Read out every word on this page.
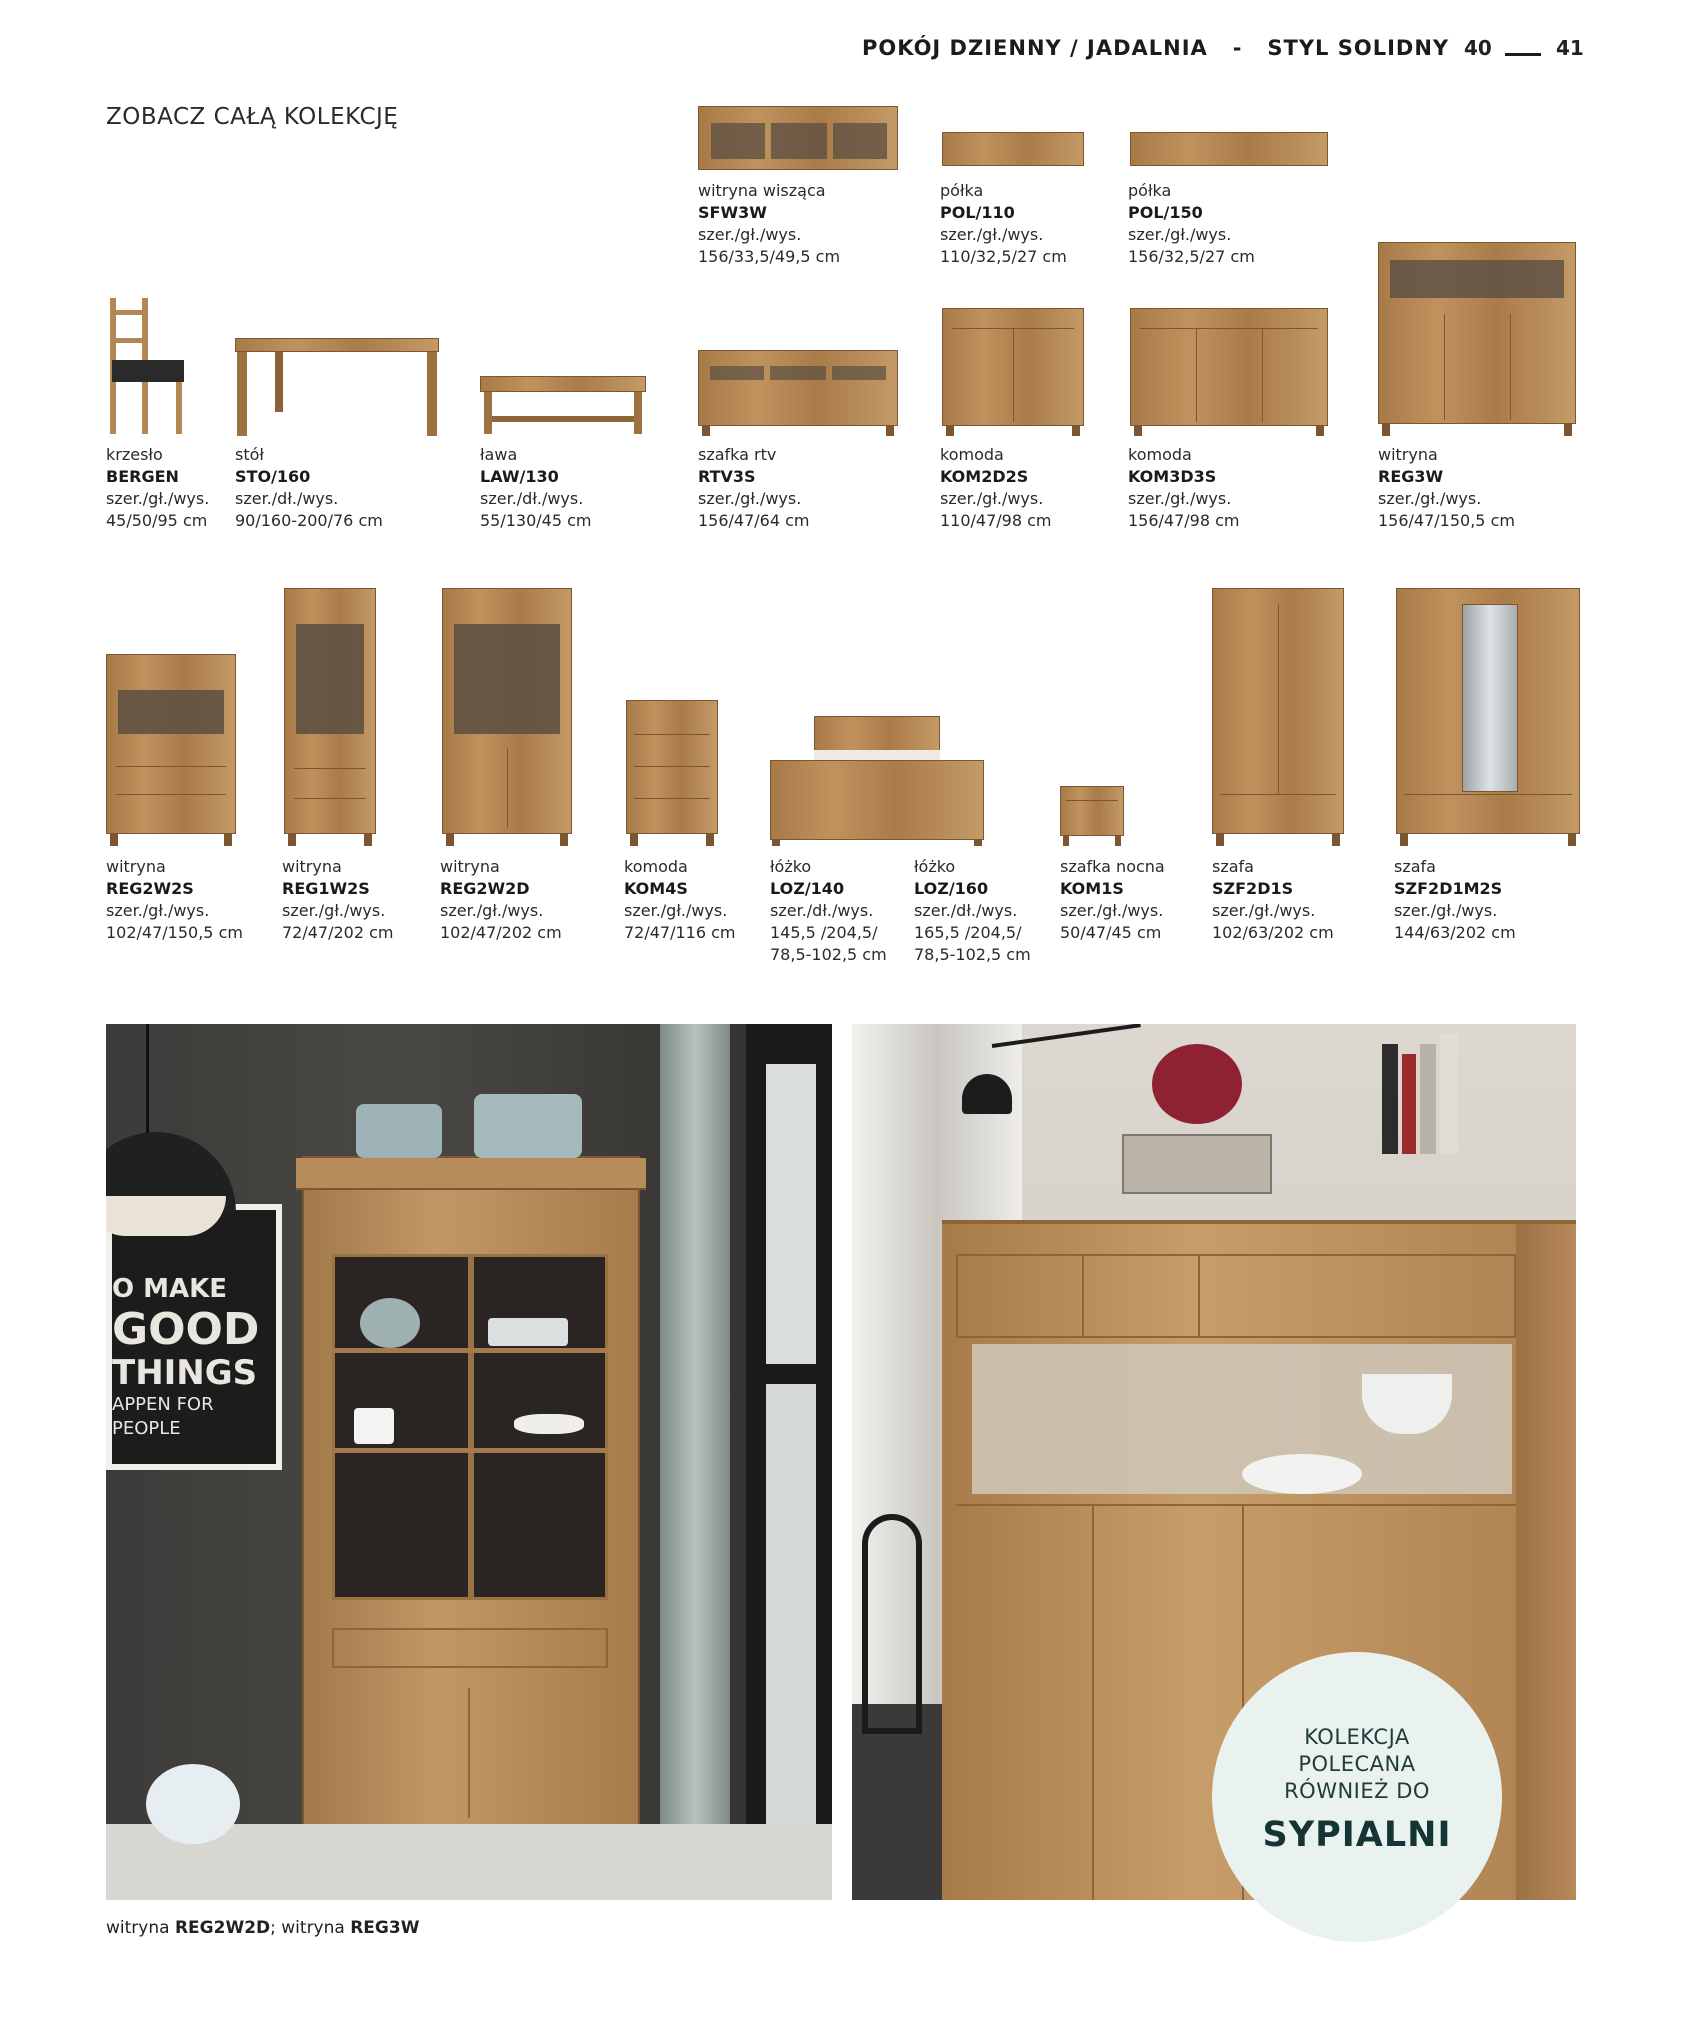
POKÓJ DZIENNY / JADALNIA   -   STYL SOLIDNY 40	41
ZOBACZ CAŁĄ KOLEKCJĘ
witryna wisząca
SFW3W
szer./gł./wys.
156/33,5/49,5 cm
półka
POL/110
szer./gł./wys.
110/32,5/27 cm
półka
POL/150
szer./gł./wys.
156/32,5/27 cm
krzesło
BERGEN
szer./gł./wys.
45/50/95 cm
stół
STO/160
szer./dł./wys.
90/160-200/76 cm
ława
LAW/130
szer./dł./wys.
55/130/45 cm
szafka rtv
RTV3S
szer./gł./wys.
156/47/64 cm
komoda
KOM2D2S
szer./gł./wys.
110/47/98 cm
komoda
KOM3D3S
szer./gł./wys.
156/47/98 cm
witryna
REG3W
szer./gł./wys.
156/47/150,5 cm
witryna
REG2W2S
szer./gł./wys.
102/47/150,5 cm
witryna
REG1W2S
szer./gł./wys.
72/47/202 cm
witryna
REG2W2D
szer./gł./wys.
102/47/202 cm
komoda
KOM4S
szer./gł./wys.
72/47/116 cm
łóżko
LOZ/140
szer./dł./wys.
145,5 /204,5/
78,5-102,5 cm
łóżko
LOZ/160
szer./dł./wys.
165,5 /204,5/
78,5-102,5 cm
szafka nocna
KOM1S
szer./gł./wys.
50/47/45 cm
szafa
SZF2D1S
szer./gł./wys.
102/63/202 cm
szafa
SZF2D1M2S
szer./gł./wys.
144/63/202 cm
O MAKE
GOOD
THINGS
APPEN FOR
PEOPLE
KOLEKCJA
POLECANA
RÓWNIEŻ DO
SYPIALNI
witryna REG2W2D; witryna REG3W
